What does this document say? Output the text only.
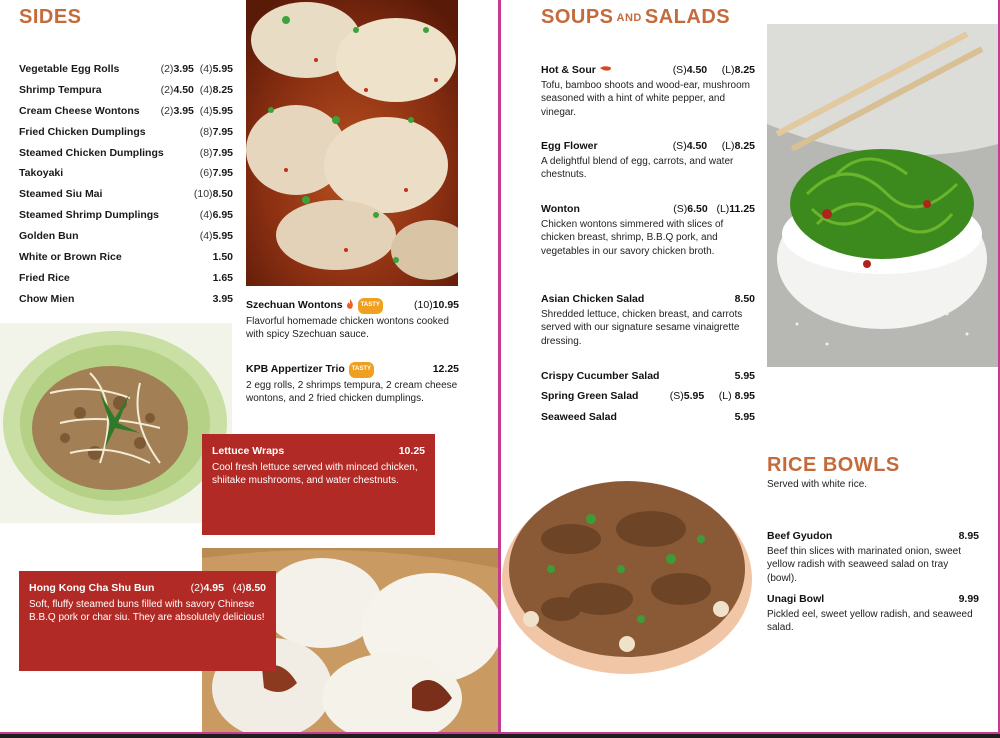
SIDES
Vegetable Egg Rolls	(2)3.95 (4)5.95
Shrimp Tempura	(2)4.50 (4)8.25
Cream Cheese Wontons	(2)3.95 (4)5.95
Fried Chicken Dumplings	(8)7.95
Steamed Chicken Dumplings	(8)7.95
Takoyaki	(6)7.95
Steamed Siu Mai	(10)8.50
Steamed Shrimp Dumplings	(4)6.95
Golden Bun	(4)5.95
White or Brown Rice	1.50
Fried Rice	1.65
Chow Mien	3.95
Szechuan Wontons	TASTY	(10)10.95
Flavorful homemade chicken wontons cooked with spicy Szechuan sauce.
KPB Appertizer Trio TASTY	12.25
2 egg rolls, 2 shrimps tempura, 2 cream cheese wontons, and 2 fried chicken dumplings.
Lettuce Wraps	10.25
Cool fresh lettuce served with minced chicken, shiitake mushrooms, and water chestnuts.
Hong Kong Cha Shu Bun	(2)4.95 (4)8.50
Soft, fluffy steamed buns filled with savory Chinese B.B.Q pork or char siu. They are absolutely delicious!
SOUPS AND SALADS
Hot & Sour	(S)4.50 (L)8.25
Tofu, bamboo shoots and wood-ear, mushroom seasoned with a hint of white pepper, and vinegar.
Egg Flower	(S)4.50 (L)8.25
A delightful blend of egg, carrots, and water chestnuts.
Wonton	(S)6.50 (L)11.25
Chicken wontons simmered with slices of chicken breast, shrimp, B.B.Q pork, and vegetables in our savory chicken broth.
Asian Chicken Salad	8.50
Shredded lettuce, chicken breast, and carrots served with our signature sesame vinaigrette dressing.
Crispy Cucumber Salad	5.95
Spring Green Salad	(S)5.95 (L) 8.95
Seaweed Salad	5.95
RICE BOWLS
Served with white rice.
Beef Gyudon	8.95
Beef thin slices with marinated onion, sweet yellow radish with seaweed salad on tray (bowl).
Unagi Bowl	9.99
Pickled eel, sweet yellow radish, and seaweed salad.
